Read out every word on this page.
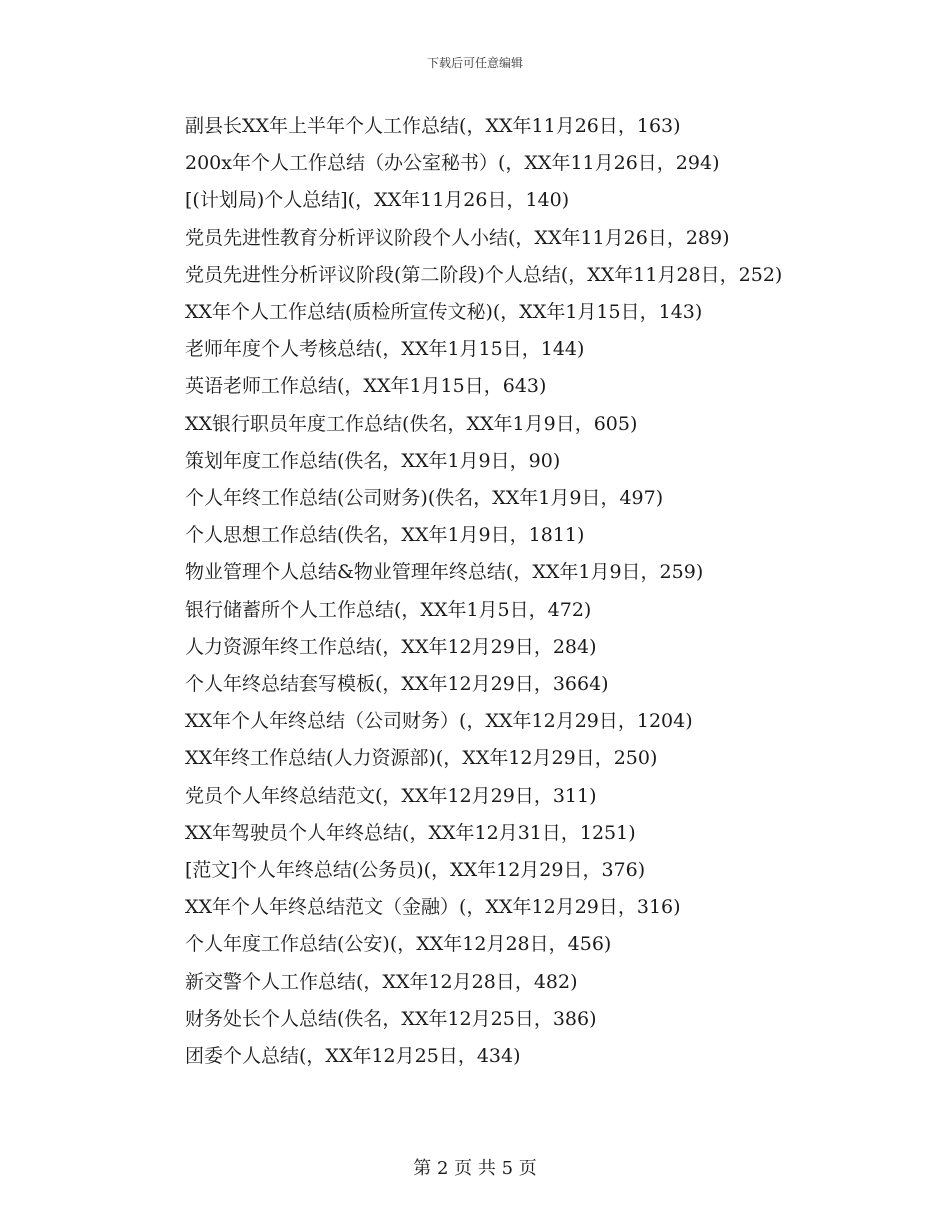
下载后可任意编辑
副县长XX年上半年个人工作总结(，XX年11月26日，163)
200x年个人工作总结（办公室秘书）(，XX年11月26日，294)
[(计划局)个人总结](，XX年11月26日，140)
党员先进性教育分析评议阶段个人小结(，XX年11月26日，289)
党员先进性分析评议阶段(第二阶段)个人总结(，XX年11月28日，252)
XX年个人工作总结(质检所宣传文秘)(，XX年1月15日，143)
老师年度个人考核总结(，XX年1月15日，144)
英语老师工作总结(，XX年1月15日，643)
XX银行职员年度工作总结(佚名，XX年1月9日，605)
策划年度工作总结(佚名，XX年1月9日，90)
个人年终工作总结(公司财务)(佚名，XX年1月9日，497)
个人思想工作总结(佚名，XX年1月9日，1811)
物业管理个人总结&物业管理年终总结(，XX年1月9日，259)
银行储蓄所个人工作总结(，XX年1月5日，472)
人力资源年终工作总结(，XX年12月29日，284)
个人年终总结套写模板(，XX年12月29日，3664)
XX年个人年终总结（公司财务）(，XX年12月29日，1204)
XX年终工作总结(人力资源部)(，XX年12月29日，250)
党员个人年终总结范文(，XX年12月29日，311)
XX年驾驶员个人年终总结(，XX年12月31日，1251)
[范文]个人年终总结(公务员)(，XX年12月29日，376)
XX年个人年终总结范文（金融）(，XX年12月29日，316)
个人年度工作总结(公安)(，XX年12月28日，456)
新交警个人工作总结(，XX年12月28日，482)
财务处长个人总结(佚名，XX年12月25日，386)
团委个人总结(，XX年12月25日，434)
第 2 页 共 5 页
